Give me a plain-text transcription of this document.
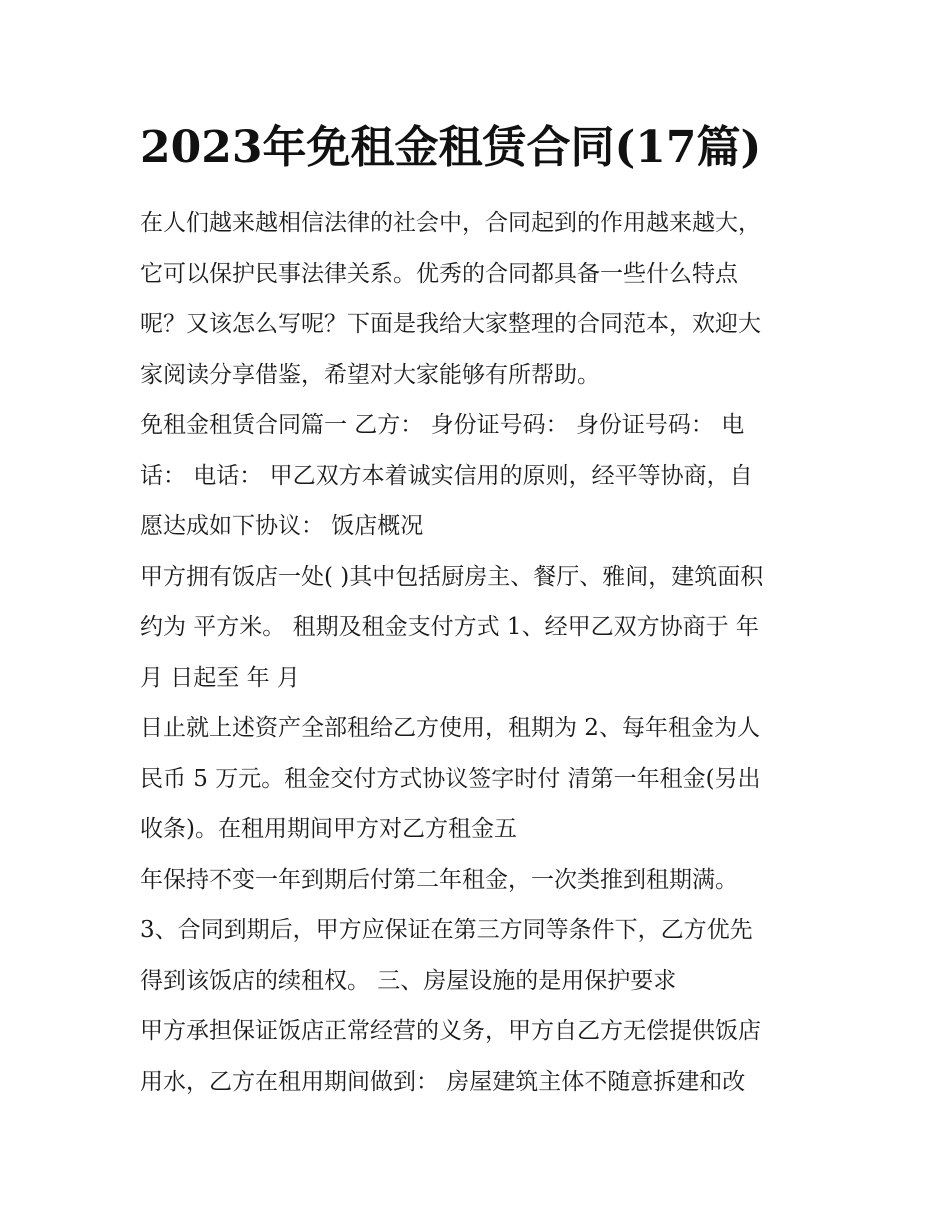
2023年免租金租赁合同(17篇)
在人们越来越相信法律的社会中，合同起到的作用越来越大，
它可以保护民事法律关系。优秀的合同都具备一些什么特点
呢？又该怎么写呢？下面是我给大家整理的合同范本，欢迎大
家阅读分享借鉴，希望对大家能够有所帮助。
免租金租赁合同篇一 乙方： 身份证号码： 身份证号码： 电
话： 电话： 甲乙双方本着诚实信用的原则，经平等协商，自
愿达成如下协议： 饭店概况
甲方拥有饭店一处( )其中包括厨房主、餐厅、雅间，建筑面积
约为 平方米。 租期及租金支付方式 1、经甲乙双方协商于 年
月 日起至 年 月
日止就上述资产全部租给乙方使用，租期为 2、每年租金为人
民币 5 万元。租金交付方式协议签字时付 清第一年租金(另出
收条)。在租用期间甲方对乙方租金五
年保持不变一年到期后付第二年租金，一次类推到租期满。
3、合同到期后，甲方应保证在第三方同等条件下，乙方优先
得到该饭店的续租权。 三、房屋设施的是用保护要求
甲方承担保证饭店正常经营的义务，甲方自乙方无偿提供饭店
用水，乙方在租用期间做到： 房屋建筑主体不随意拆建和改
